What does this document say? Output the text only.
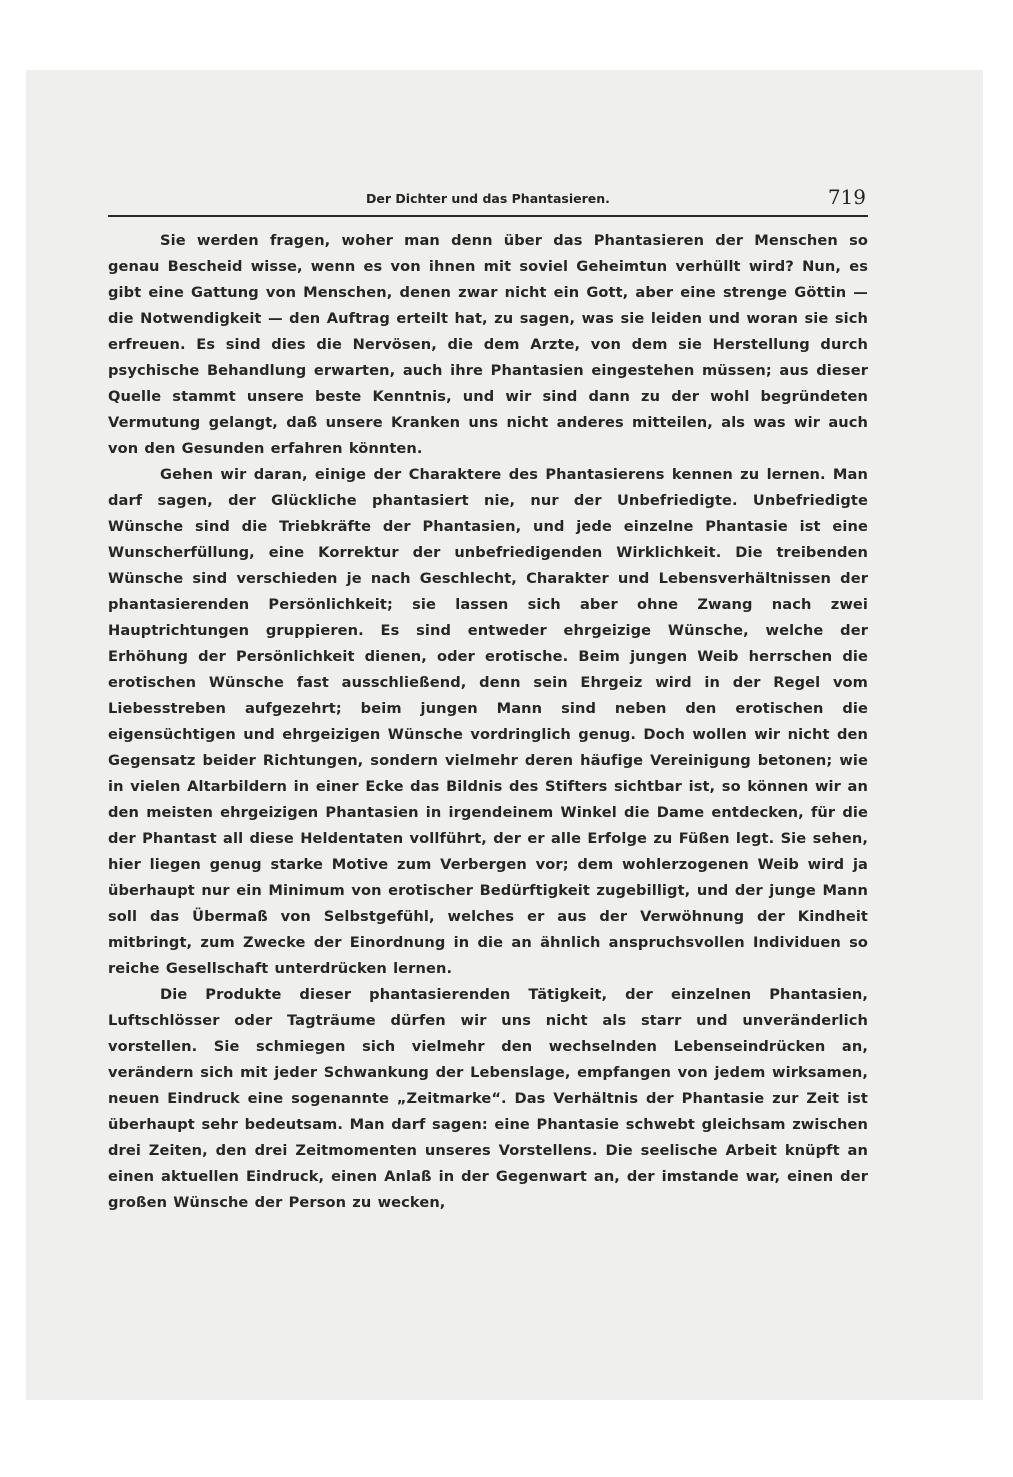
Der Dichter und das Phantasieren.	719

Sie werden fragen, woher man denn über das Phantasieren der Menschen so genau Bescheid wisse, wenn es von ihnen mit soviel Geheimtun verhüllt wird? Nun, es gibt eine Gattung von Menschen, denen zwar nicht ein Gott, aber eine strenge Göttin — die Notwendigkeit — den Auftrag erteilt hat, zu sagen, was sie leiden und woran sie sich erfreuen. Es sind dies die Nervösen, die dem Arzte, von dem sie Herstellung durch psychische Behandlung erwarten, auch ihre Phantasien eingestehen müssen; aus dieser Quelle stammt unsere beste Kenntnis, und wir sind dann zu der wohl begründeten Vermutung gelangt, daß unsere Kranken uns nicht anderes mitteilen, als was wir auch von den Gesunden erfahren könnten.

Gehen wir daran, einige der Charaktere des Phantasierens kennen zu lernen. Man darf sagen, der Glückliche phantasiert nie, nur der Unbefriedigte. Unbefriedigte Wünsche sind die Triebkräfte der Phantasien, und jede einzelne Phantasie ist eine Wunscherfüllung, eine Korrektur der unbefriedigenden Wirklichkeit. Die treibenden Wünsche sind verschieden je nach Geschlecht, Charakter und Lebensverhältnissen der phantasierenden Persönlichkeit; sie lassen sich aber ohne Zwang nach zwei Hauptrichtungen gruppieren. Es sind entweder ehrgeizige Wünsche, welche der Erhöhung der Persönlichkeit dienen, oder erotische. Beim jungen Weib herrschen die erotischen Wünsche fast ausschließend, denn sein Ehrgeiz wird in der Regel vom Liebesstreben aufgezehrt; beim jungen Mann sind neben den erotischen die eigensüchtigen und ehrgeizigen Wünsche vordringlich genug. Doch wollen wir nicht den Gegensatz beider Richtungen, sondern vielmehr deren häufige Vereinigung betonen; wie in vielen Altarbildern in einer Ecke das Bildnis des Stifters sichtbar ist, so können wir an den meisten ehrgeizigen Phantasien in irgendeinem Winkel die Dame entdecken, für die der Phantast all diese Heldentaten vollführt, der er alle Erfolge zu Füßen legt. Sie sehen, hier liegen genug starke Motive zum Verbergen vor; dem wohlerzogenen Weib wird ja überhaupt nur ein Minimum von erotischer Bedürftigkeit zugebilligt, und der junge Mann soll das Übermaß von Selbstgefühl, welches er aus der Verwöhnung der Kindheit mitbringt, zum Zwecke der Einordnung in die an ähnlich anspruchsvollen Individuen so reiche Gesellschaft unterdrücken lernen.

Die Produkte dieser phantasierenden Tätigkeit, der einzelnen Phantasien, Luftschlösser oder Tagträume dürfen wir uns nicht als starr und unveränderlich vorstellen. Sie schmiegen sich vielmehr den wechselnden Lebenseindrücken an, verändern sich mit jeder Schwankung der Lebenslage, empfangen von jedem wirksamen, neuen Eindruck eine sogenannte „Zeitmarke“. Das Verhältnis der Phantasie zur Zeit ist überhaupt sehr bedeutsam. Man darf sagen: eine Phantasie schwebt gleichsam zwischen drei Zeiten, den drei Zeitmomenten unseres Vorstellens. Die seelische Arbeit knüpft an einen aktuellen Eindruck, einen Anlaß in der Gegenwart an, der imstande war, einen der großen Wünsche der Person zu wecken,
